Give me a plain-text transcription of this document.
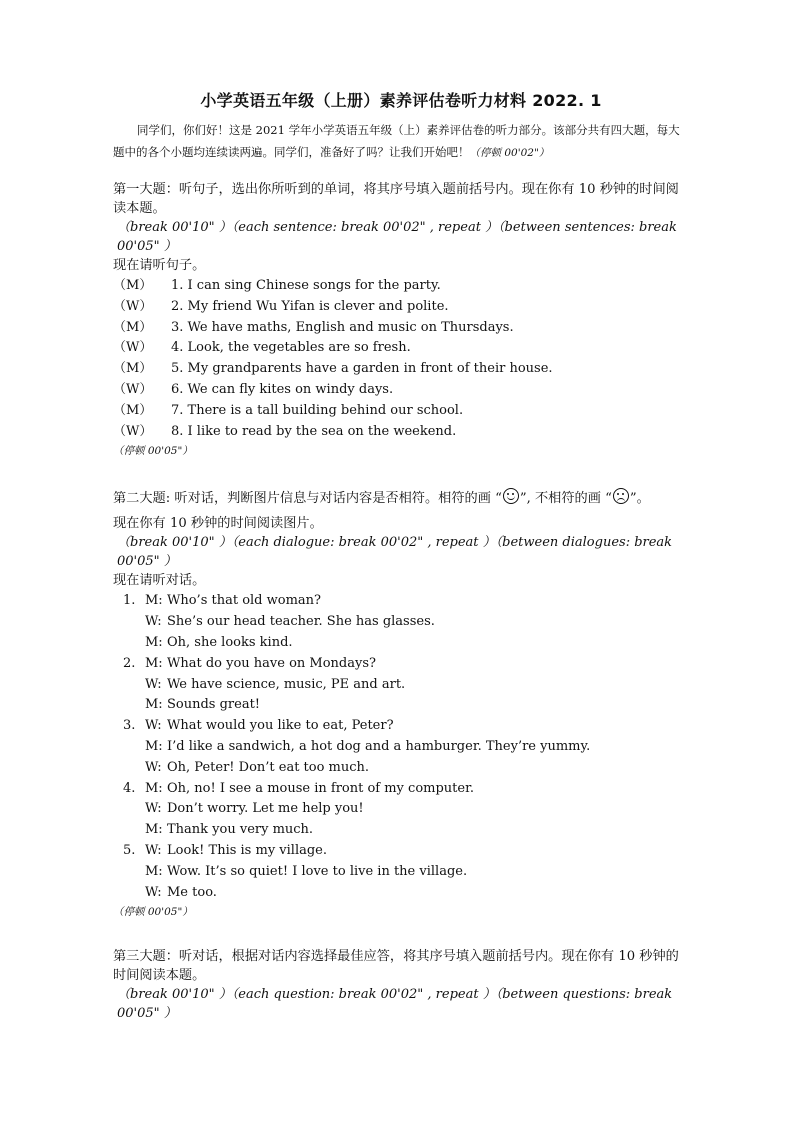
小学英语五年级（上册）素养评估卷听力材料 2022. 1
同学们，你们好！这是 2021 学年小学英语五年级（上）素养评估卷的听力部分。该部分共有四大题，每大题中的各个小题均连续读两遍。同学们，准备好了吗？让我们开始吧！（停顿 00'02"）
第一大题：听句子，选出你所听到的单词，将其序号填入题前括号内。现在你有 10 秒钟的时间阅读本题。
（break 00'10" ）（each sentence: break 00'02" , repeat ）（between sentences: break 00'05" ）
现在请听句子。
（M）	1. I can sing Chinese songs for the party.
（W）	2. My friend Wu Yifan is clever and polite.
（M）	3. We have maths, English and music on Thursdays.
（W）	4. Look, the vegetables are so fresh.
（M）	5. My grandparents have a garden in front of their house.
（W）	6. We can fly kites on windy days.
（M）	7. There is a tall building behind our school.
（W）	8. I like to read by the sea on the weekend.
（停顿 00'05"）
第二大题: 听对话，判断图片信息与对话内容是否相符。相符的画 “ ”, 不相符的画 “ ”。
现在你有 10 秒钟的时间阅读图片。
（break 00'10" ）（each dialogue: break 00'02" , repeat ）（between dialogues: break 00'05" ）
现在请听对话。
1. M: Who’s that old woman?
W: She’s our head teacher. She has glasses.
M: Oh, she looks kind.
2. M: What do you have on Mondays?
W: We have science, music, PE and art.
M: Sounds great!
3. W: What would you like to eat, Peter?
M: I’d like a sandwich, a hot dog and a hamburger. They’re yummy.
W: Oh, Peter! Don’t eat too much.
4. M: Oh, no! I see a mouse in front of my computer.
W: Don’t worry. Let me help you!
M: Thank you very much.
5. W: Look! This is my village.
M: Wow. It’s so quiet! I love to live in the village.
W: Me too.
（停顿 00'05"）
第三大题：听对话，根据对话内容选择最佳应答，将其序号填入题前括号内。现在你有 10 秒钟的时间阅读本题。
（break 00'10" ）（each question: break 00'02" , repeat ）（between questions: break 00'05" ）
